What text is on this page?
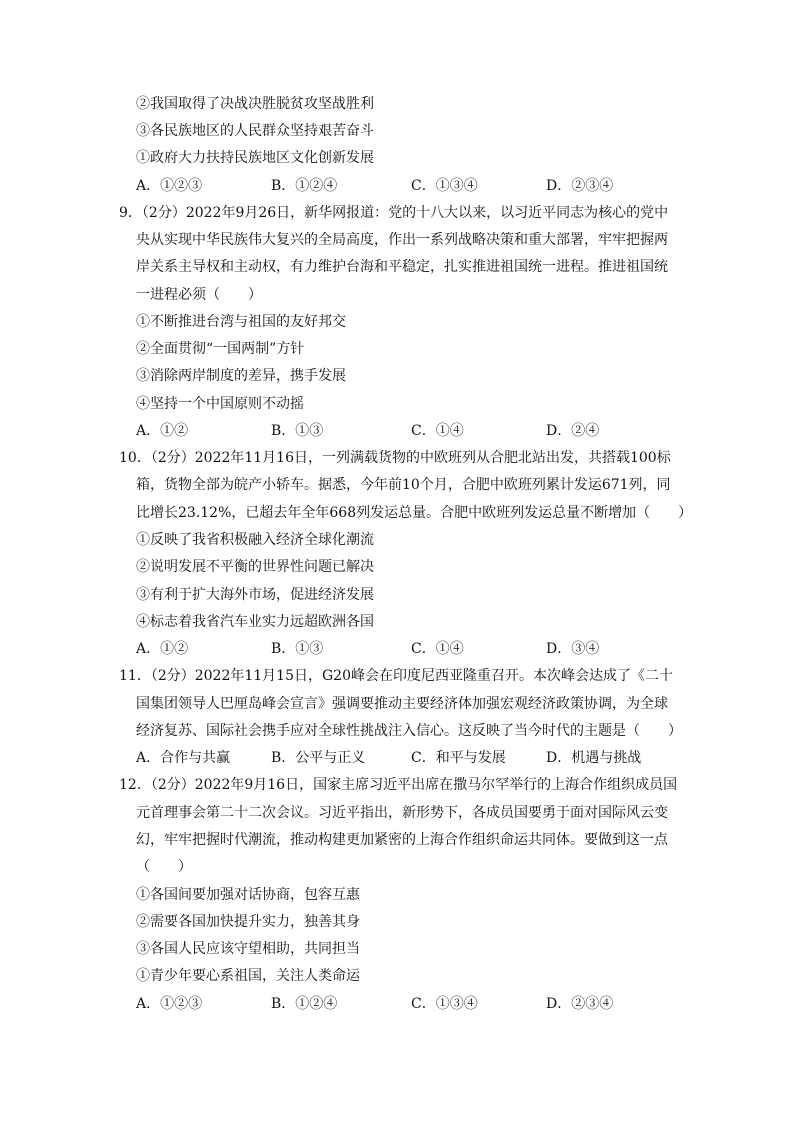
②我国取得了决战决胜脱贫攻坚战胜利
③各民族地区的人民群众坚持艰苦奋斗
①政府大力扶持民族地区文化创新发展
A．①②③	B．①②④	C．①③④	D．②③④
9．（2分）2022年9月26日，新华网报道：党的十八大以来，以习近平同志为核心的党中
央从实现中华民族伟大复兴的全局高度，作出一系列战略决策和重大部署，牢牢把握两
岸关系主导权和主动权，有力维护台海和平稳定，扎实推进祖国统一进程。推进祖国统
一进程必须（　　）
①不断推进台湾与祖国的友好邦交
②全面贯彻“一国两制”方针
③消除两岸制度的差异，携手发展
④坚持一个中国原则不动摇
A．①②	B．①③	C．①④	D．②④
10．（2分）2022年11月16日，一列满载货物的中欧班列从合肥北站出发，共搭载100标
箱，货物全部为皖产小轿车。据悉，今年前10个月，合肥中欧班列累计发运671列，同
比增长23.12%，已超去年全年668列发运总量。合肥中欧班列发运总量不断增加（　　）
①反映了我省积极融入经济全球化潮流
②说明发展不平衡的世界性问题已解决
③有利于扩大海外市场，促进经济发展
④标志着我省汽车业实力远超欧洲各国
A．①②	B．①③	C．①④	D．③④
11．（2分）2022年11月15日，G20峰会在印度尼西亚隆重召开。本次峰会达成了《二十
国集团领导人巴厘岛峰会宣言》强调要推动主要经济体加强宏观经济政策协调，为全球
经济复苏、国际社会携手应对全球性挑战注入信心。这反映了当今时代的主题是（　　）
A．合作与共赢	B．公平与正义	C．和平与发展	D．机遇与挑战
12．（2分）2022年9月16日，国家主席习近平出席在撒马尔罕举行的上海合作组织成员国
元首理事会第二十二次会议。习近平指出，新形势下，各成员国要勇于面对国际风云变
幻，牢牢把握时代潮流，推动构建更加紧密的上海合作组织命运共同体。要做到这一点
（　　）
①各国间要加强对话协商，包容互惠
②需要各国加快提升实力，独善其身
③各国人民应该守望相助，共同担当
①青少年要心系祖国，关注人类命运
A．①②③	B．①②④	C．①③④	D．②③④
